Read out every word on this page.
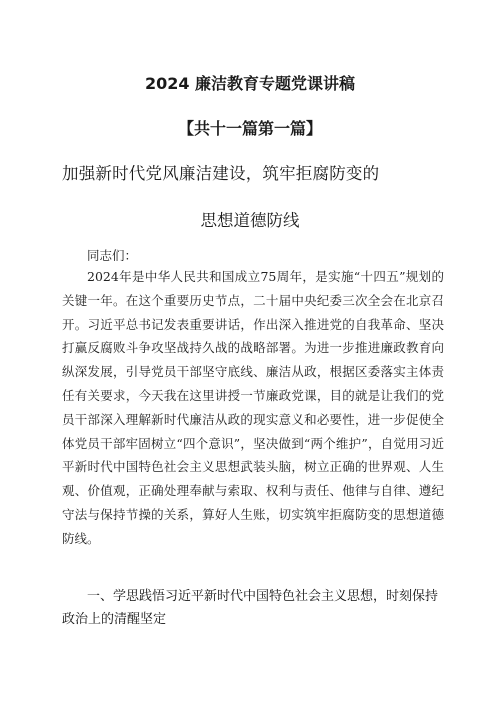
2024 廉洁教育专题党课讲稿
【共十一篇第一篇】
加强新时代党风廉洁建设，筑牢拒腐防变的
思想道德防线
同志们：
2024年是中华人民共和国成立75周年，是实施“十四五”规划的关键一年。在这个重要历史节点，二十届中央纪委三次全会在北京召开。习近平总书记发表重要讲话，作出深入推进党的自我革命、坚决打赢反腐败斗争攻坚战持久战的战略部署。为进一步推进廉政教育向纵深发展，引导党员干部坚守底线、廉洁从政，根据区委落实主体责任有关要求，今天我在这里讲授一节廉政党课，目的就是让我们的党员干部深入理解新时代廉洁从政的现实意义和必要性，进一步促使全体党员干部牢固树立“四个意识”，坚决做到“两个维护”，自觉用习近平新时代中国特色社会主义思想武装头脑，树立正确的世界观、人生观、价值观，正确处理奉献与索取、权利与责任、他律与自律、遵纪守法与保持节操的关系，算好人生账，切实筑牢拒腐防变的思想道德防线。
一、学思践悟习近平新时代中国特色社会主义思想，时刻保持政治上的清醒坚定
